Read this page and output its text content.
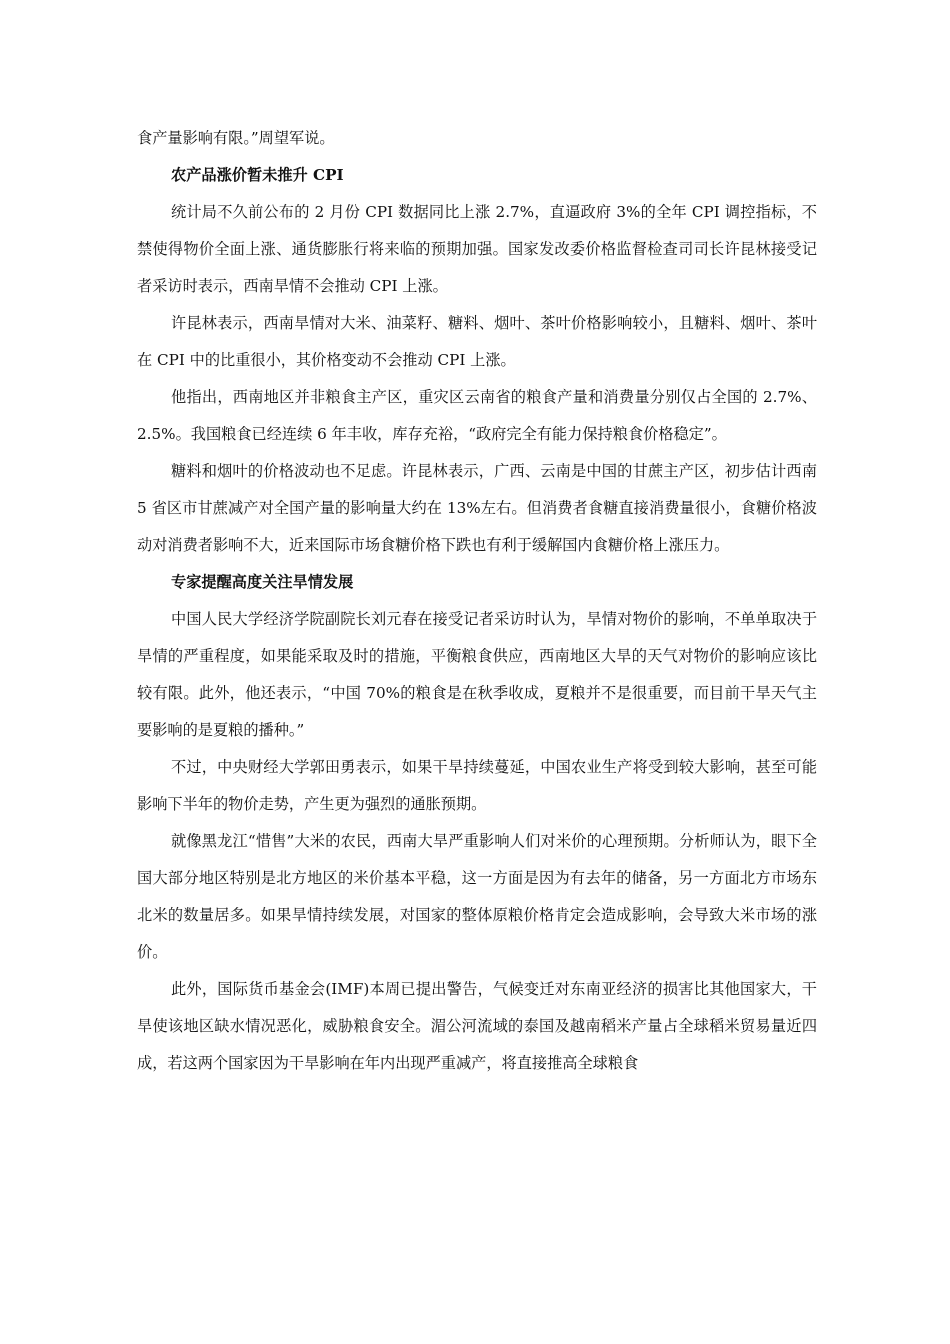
食产量影响有限。”周望军说。

农产品涨价暂未推升 CPI

统计局不久前公布的 2 月份 CPI 数据同比上涨 2.7%，直逼政府 3%的全年 CPI 调控指标，不禁使得物价全面上涨、通货膨胀行将来临的预期加强。国家发改委价格监督检查司司长许昆林接受记者采访时表示，西南旱情不会推动 CPI 上涨。

许昆林表示，西南旱情对大米、油菜籽、糖料、烟叶、茶叶价格影响较小，且糖料、烟叶、茶叶在 CPI 中的比重很小，其价格变动不会推动 CPI 上涨。

他指出，西南地区并非粮食主产区，重灾区云南省的粮食产量和消费量分别仅占全国的 2.7%、2.5%。我国粮食已经连续 6 年丰收，库存充裕，“政府完全有能力保持粮食价格稳定”。

糖料和烟叶的价格波动也不足虑。许昆林表示，广西、云南是中国的甘蔗主产区，初步估计西南 5 省区市甘蔗减产对全国产量的影响量大约在 13%左右。但消费者食糖直接消费量很小，食糖价格波动对消费者影响不大，近来国际市场食糖价格下跌也有利于缓解国内食糖价格上涨压力。

专家提醒高度关注旱情发展

中国人民大学经济学院副院长刘元春在接受记者采访时认为，旱情对物价的影响，不单单取决于旱情的严重程度，如果能采取及时的措施，平衡粮食供应，西南地区大旱的天气对物价的影响应该比较有限。此外，他还表示，“中国 70%的粮食是在秋季收成，夏粮并不是很重要，而目前干旱天气主要影响的是夏粮的播种。”

不过，中央财经大学郭田勇表示，如果干旱持续蔓延，中国农业生产将受到较大影响，甚至可能影响下半年的物价走势，产生更为强烈的通胀预期。

就像黑龙江“惜售”大米的农民，西南大旱严重影响人们对米价的心理预期。分析师认为，眼下全国大部分地区特别是北方地区的米价基本平稳，这一方面是因为有去年的储备，另一方面北方市场东北米的数量居多。如果旱情持续发展，对国家的整体原粮价格肯定会造成影响，会导致大米市场的涨价。

此外，国际货币基金会(IMF)本周已提出警告，气候变迁对东南亚经济的损害比其他国家大，干旱使该地区缺水情况恶化，威胁粮食安全。湄公河流域的泰国及越南稻米产量占全球稻米贸易量近四成，若这两个国家因为干旱影响在年内出现严重减产，将直接推高全球粮食
